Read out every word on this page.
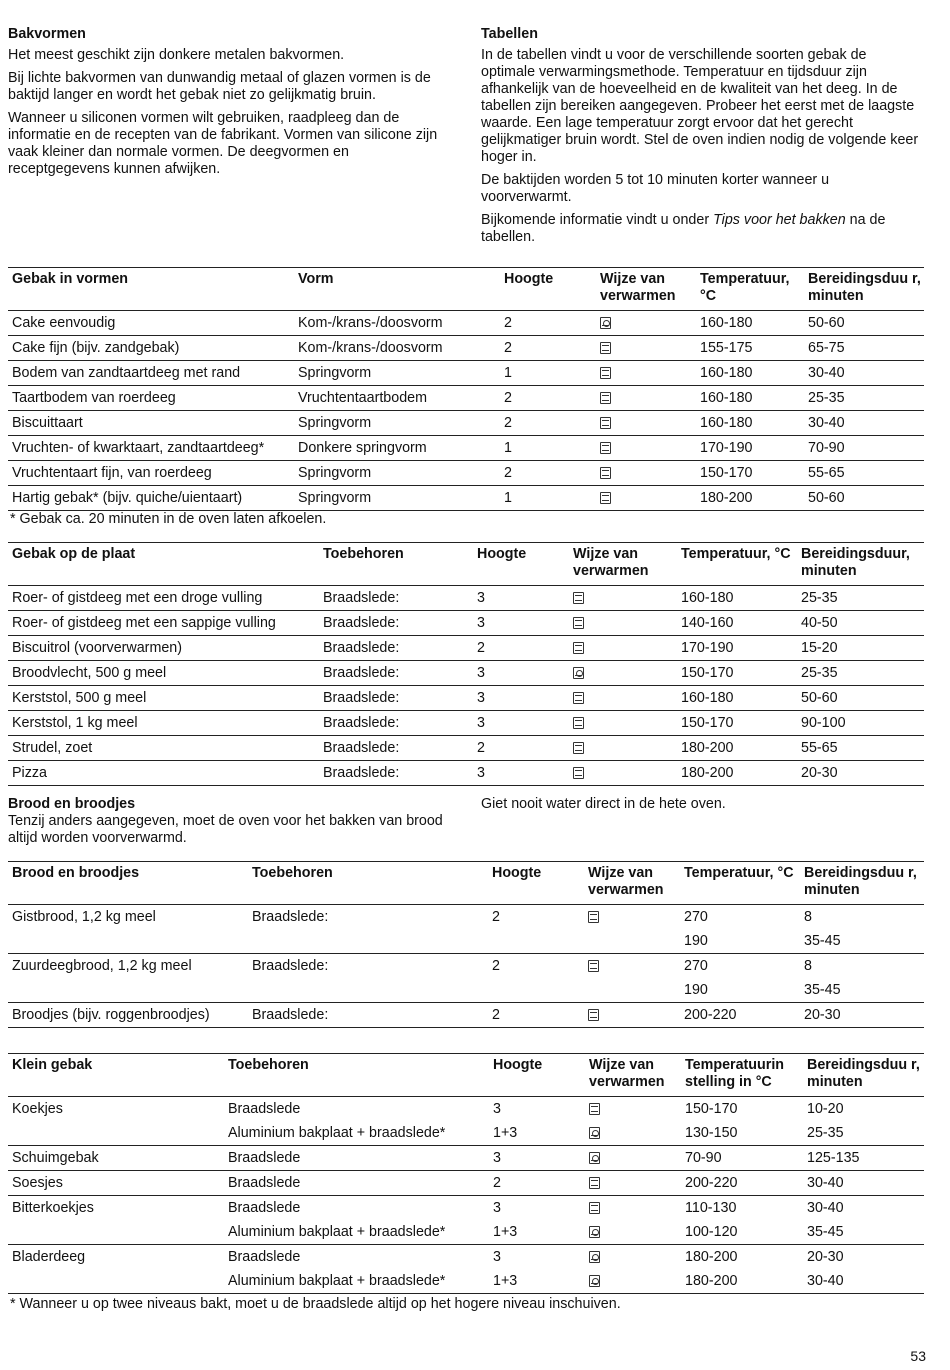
Bakvormen

Het meest geschikt zijn donkere metalen bakvormen.

Bij lichte bakvormen van dunwandig metaal of glazen vormen is de baktijd langer en wordt het gebak niet zo gelijkmatig bruin.

Wanneer u siliconen vormen wilt gebruiken, raadpleeg dan de informatie en de recepten van de fabrikant. Vormen van silicone zijn vaak kleiner dan normale vormen. De deegvormen en receptgegevens kunnen afwijken.

Tabellen

In de tabellen vindt u voor de verschillende soorten gebak de optimale verwarmingsmethode. Temperatuur en tijdsduur zijn afhankelijk van de hoeveelheid en de kwaliteit van het deeg. In de tabellen zijn bereiken aangegeven. Probeer het eerst met de laagste waarde. Een lage temperatuur zorgt ervoor dat het gerecht gelijkmatiger bruin wordt. Stel de oven indien nodig de volgende keer hoger in.

De baktijden worden 5 tot 10 minuten korter wanneer u voorverwarmt.

Bijkomende informatie vindt u onder Tips voor het bakken na de tabellen.

Gebak in vormen	Vorm	Hoogte	Wijze van verwarmen
Temperatuur, °C
Bereidingsduu r, minuten
Cake eenvoudig	Kom-/krans-/doosvorm	2	160-180	50-60
Cake fijn (bijv. zandgebak)	Kom-/krans-/doosvorm	2	155-175	65-75
Bodem van zandtaartdeeg met rand	Springvorm	1	160-180	30-40
Taartbodem van roerdeeg	Vruchtentaartbodem	2	160-180	25-35
Biscuittaart	Springvorm	2	160-180	30-40
Vruchten- of kwarktaart, zandtaartdeeg*	Donkere springvorm	1	170-190	70-90
Vruchtentaart fijn, van roerdeeg	Springvorm	2	150-170	55-65
Hartig gebak* (bijv. quiche/uientaart)	Springvorm	1	180-200	50-60
* Gebak ca. 20 minuten in de oven laten afkoelen.
Gebak op de plaat	Toebehoren	Hoogte	Wijze van verwarmen
Temperatuur, °C Bereidingsduur, minuten
Roer- of gistdeeg met een droge vulling	Braadslede:	3	160-180	25-35
Roer- of gistdeeg met een sappige vulling	Braadslede:	3	140-160	40-50
Biscuitrol (voorverwarmen)	Braadslede:	2	170-190	15-20
Broodvlecht, 500 g meel	Braadslede:	3	150-170	25-35
Kerststol, 500 g meel	Braadslede:	3	160-180	50-60
Kerststol, 1 kg meel	Braadslede:	3	150-170	90-100
Strudel, zoet	Braadslede:	2	180-200	55-65
Pizza	Braadslede:	3	180-200	20-30
Brood en broodjes

Tenzij anders aangegeven, moet de oven voor het bakken van brood altijd worden voorverwarmd.

Giet nooit water direct in de hete oven.

Brood en broodjes	Toebehoren	Hoogte	Wijze van verwarmen
Temperatuur, °C Bereidingsduu r, minuten
Gistbrood, 1,2 kg meel	Braadslede:	2	270	8
190	35-45
Zuurdeegbrood, 1,2 kg meel	Braadslede:	2	270	8
190	35-45
Broodjes (bijv. roggenbroodjes)	Braadslede:	2	200-220	20-30
Klein gebak	Toebehoren	Hoogte	Wijze van verwarmen
Temperatuurin stelling in °C
Bereidingsduu r, minuten
Koekjes	Braadslede	3	150-170	10-20
Aluminium bakplaat + braadslede*	1+3	130-150	25-35
Schuimgebak	Braadslede	3	70-90	125-135
Soesjes	Braadslede	2	200-220	30-40
Bitterkoekjes	Braadslede	3	110-130	30-40
Aluminium bakplaat + braadslede*	1+3	100-120	35-45
Bladerdeeg	Braadslede	3	180-200	20-30
Aluminium bakplaat + braadslede*	1+3	180-200	30-40
* Wanneer u op twee niveaus bakt, moet u de braadslede altijd op het hogere niveau inschuiven.
53
